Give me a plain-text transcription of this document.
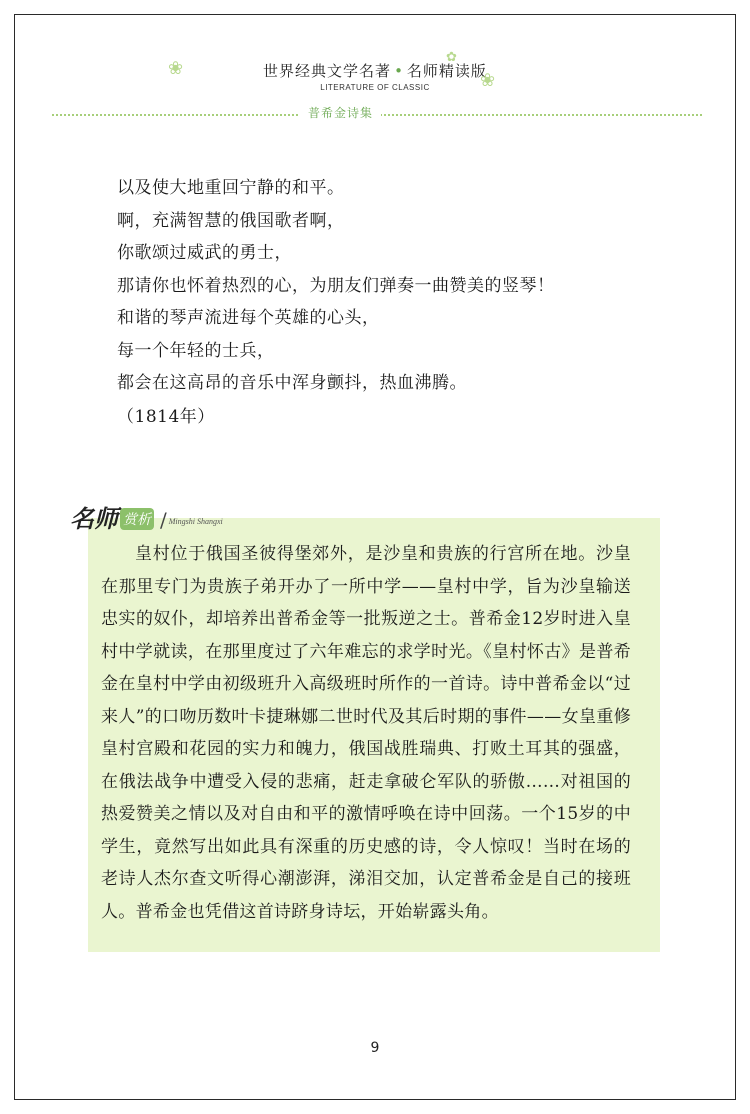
世界经典文学名著 • 名师精读版
LITERATURE OF CLASSIC
❀
✿
❀
普希金诗集
以及使大地重回宁静的和平。
啊，充满智慧的俄国歌者啊，
你歌颂过威武的勇士，
那请你也怀着热烈的心，为朋友们弹奏一曲赞美的竖琴！
和谐的琴声流进每个英雄的心头，
每一个年轻的士兵，
都会在这高昂的音乐中浑身颤抖，热血沸腾。
（1814年）
名师 赏析 / Mingshi Shangxi
皇村位于俄国圣彼得堡郊外，是沙皇和贵族的行宫所在地。沙皇在那里专门为贵族子弟开办了一所中学——皇村中学，旨为沙皇输送忠实的奴仆，却培养出普希金等一批叛逆之士。普希金12岁时进入皇村中学就读，在那里度过了六年难忘的求学时光。《皇村怀古》是普希金在皇村中学由初级班升入高级班时所作的一首诗。诗中普希金以“过来人”的口吻历数叶卡捷琳娜二世时代及其后时期的事件——女皇重修皇村宫殿和花园的实力和魄力，俄国战胜瑞典、打败土耳其的强盛，在俄法战争中遭受入侵的悲痛，赶走拿破仑军队的骄傲……对祖国的热爱赞美之情以及对自由和平的激情呼唤在诗中回荡。一个15岁的中学生，竟然写出如此具有深重的历史感的诗，令人惊叹！当时在场的老诗人杰尔查文听得心潮澎湃，涕泪交加，认定普希金是自己的接班人。普希金也凭借这首诗跻身诗坛，开始崭露头角。
9
